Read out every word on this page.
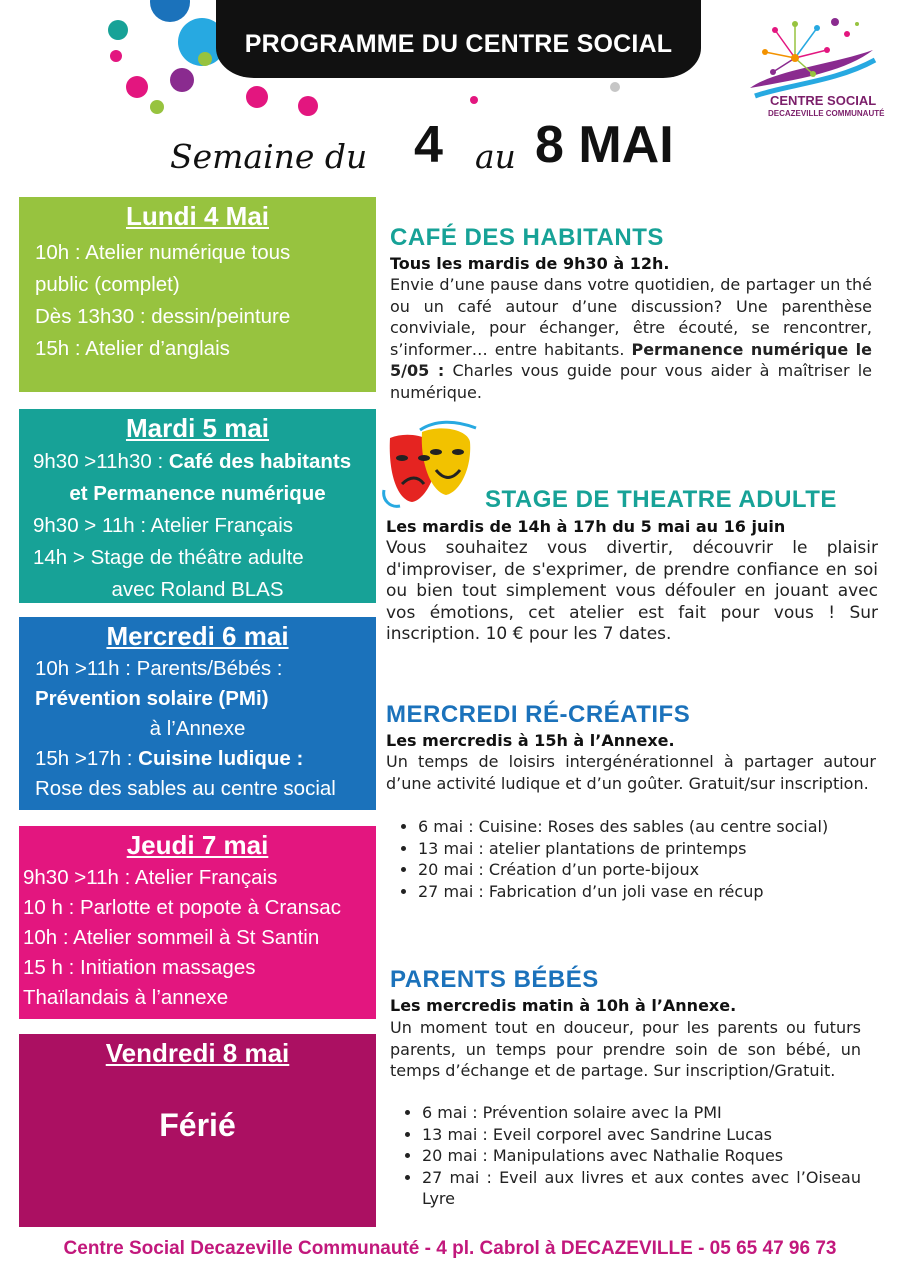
PROGRAMME DU CENTRE SOCIAL
Semaine du 4 au 8 MAI
CENTRE SOCIAL
DECAZEVILLE COMMUNAUTÉ
Lundi 4 Mai
10h : Atelier numérique tous
public (complet)
Dès 13h30 : dessin/peinture
15h : Atelier d’anglais
Mardi 5 mai
9h30 >11h30 : Café des habitants
et Permanence numérique
9h30 > 11h : Atelier Français
14h > Stage de théâtre adulte
avec Roland BLAS
Mercredi 6 mai
10h >11h : Parents/Bébés :
Prévention solaire (PMi)
à l’Annexe
15h >17h : Cuisine ludique :
Rose des sables au centre social
Jeudi 7 mai
9h30 >11h : Atelier Français
10 h : Parlotte et popote à Cransac
10h : Atelier sommeil à St Santin
15 h : Initiation massages
Thaïlandais à l’annexe
Vendredi 8 mai
Férié
CAFÉ DES HABITANTS
Tous les mardis de 9h30 à 12h.
Envie d’une pause dans votre quotidien, de partager un thé ou un café autour d’une discussion? Une parenthèse conviviale, pour échanger, être écouté, se rencontrer, s’informer… entre habitants. Permanence numérique le 5/05 : Charles vous guide pour vous aider à maîtriser le numérique.
STAGE DE THEATRE ADULTE
Les mardis de 14h à 17h du 5 mai au 16 juin
Vous souhaitez vous divertir, découvrir le plaisir d'improviser, de s'exprimer, de prendre confiance en soi ou bien tout simplement vous défouler en jouant avec vos émotions, cet atelier est fait pour vous ! Sur inscription. 10 € pour les 7 dates.
MERCREDI RÉ-CRÉATIFS
Les mercredis à 15h à l’Annexe.
Un temps de loisirs intergénérationnel à partager autour d’une activité ludique et d’un goûter. Gratuit/sur inscription.
• 6 mai : Cuisine: Roses des sables (au centre social)
• 13 mai : atelier plantations de printemps
• 20 mai : Création d’un porte-bijoux
• 27 mai : Fabrication d’un joli vase en récup
PARENTS BÉBÉS
Les mercredis matin à 10h à l’Annexe.
Un moment tout en douceur, pour les parents ou futurs parents, un temps pour prendre soin de son bébé, un temps d’échange et de partage. Sur inscription/Gratuit.
• 6 mai : Prévention solaire avec la PMI
• 13 mai : Eveil corporel avec Sandrine Lucas
• 20 mai : Manipulations avec Nathalie Roques
• 27 mai : Eveil aux livres et aux contes avec l’Oiseau Lyre
Centre Social Decazeville Communauté - 4 pl. Cabrol à DECAZEVILLE - 05 65 47 96 73
